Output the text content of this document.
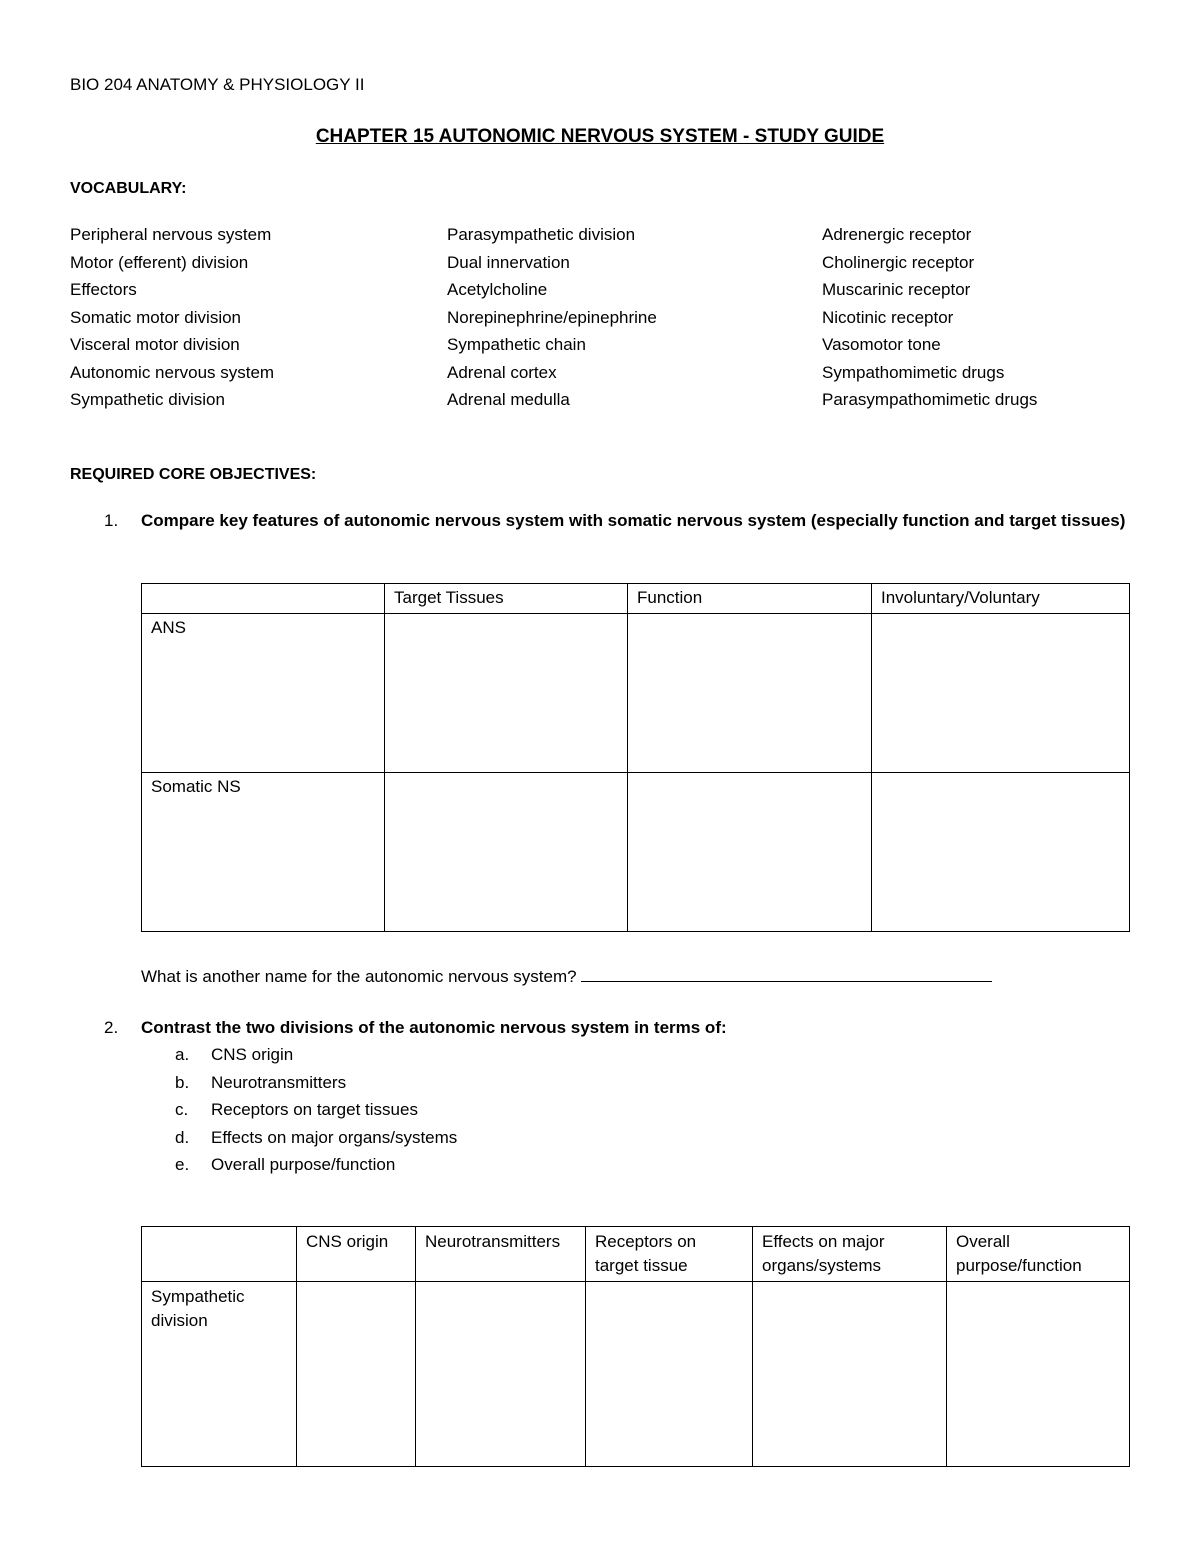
BIO 204 ANATOMY & PHYSIOLOGY II
CHAPTER 15 AUTONOMIC NERVOUS SYSTEM - STUDY GUIDE
VOCABULARY:
Peripheral nervous system
Motor (efferent) division
Effectors
Somatic motor division
Visceral motor division
Autonomic nervous system
Sympathetic division
Parasympathetic division
Dual innervation
Acetylcholine
Norepinephrine/epinephrine
Sympathetic chain
Adrenal cortex
Adrenal medulla
Adrenergic receptor
Cholinergic receptor
Muscarinic receptor
Nicotinic receptor
Vasomotor tone
Sympathomimetic drugs
Parasympathomimetic drugs
REQUIRED CORE OBJECTIVES:
1. Compare key features of autonomic nervous system with somatic nervous system (especially function and target tissues)
	Target Tissues	Function	Involuntary/Voluntary
ANS			
Somatic NS			
What is another name for the autonomic nervous system?
2. Contrast the two divisions of the autonomic nervous system in terms of:
a. CNS origin
b. Neurotransmitters
c. Receptors on target tissues
d. Effects on major organs/systems
e. Overall purpose/function
	CNS origin	Neurotransmitters	Receptors on target tissue	Effects on major organs/systems	Overall purpose/function
Sympathetic division					
